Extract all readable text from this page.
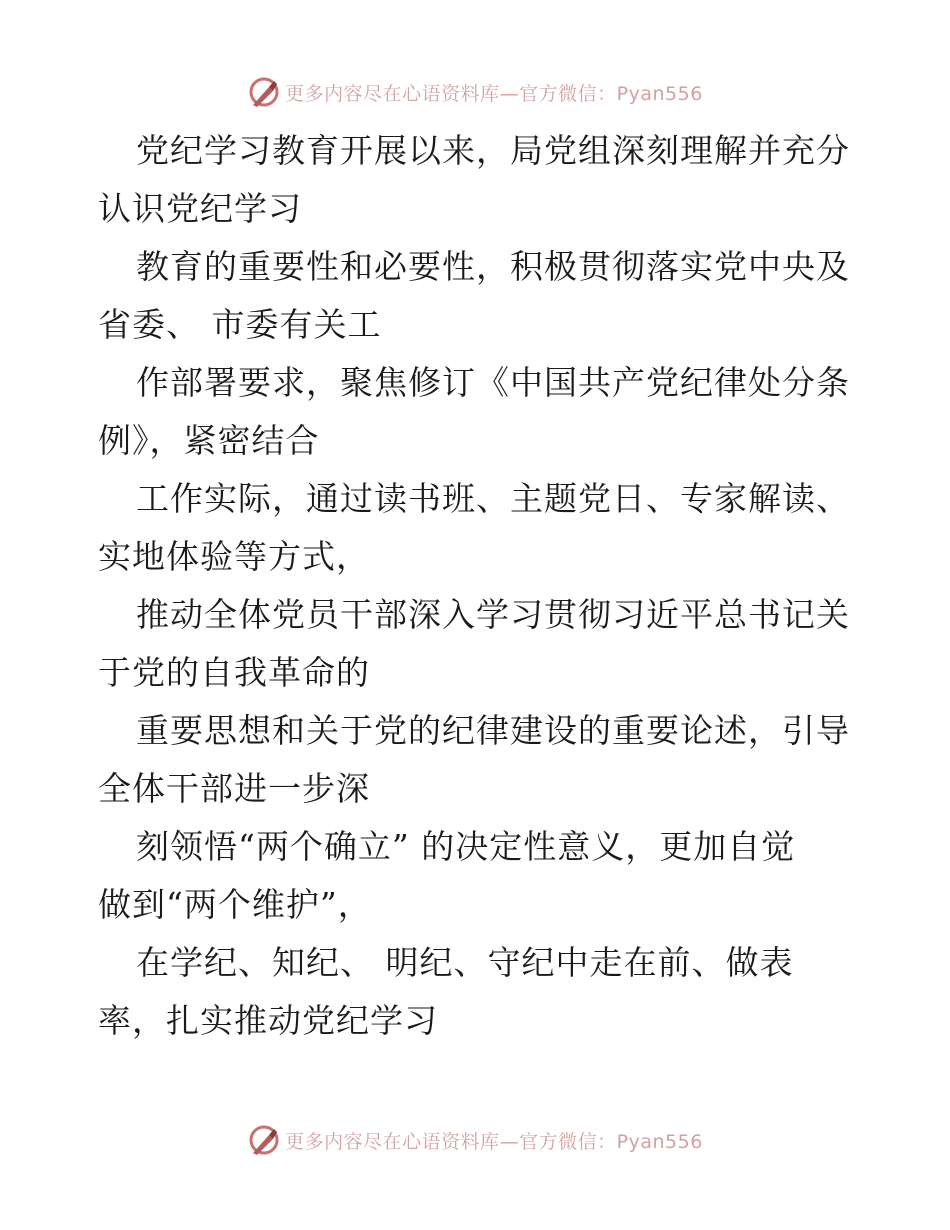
更多内容尽在心语资料库—官方微信：Pyan556
党纪学习教育开展以来，局党组深刻理解并充分
认识党纪学习
教育的重要性和必要性，积极贯彻落实党中央及
省委、 市委有关工
作部署要求，聚焦修订《中国共产党纪律处分条
例》，紧密结合
工作实际，通过读书班、主题党日、专家解读、
实地体验等方式，
推动全体党员干部深入学习贯彻习近平总书记关
于党的自我革命的
重要思想和关于党的纪律建设的重要论述，引导
全体干部进一步深
刻领悟“两个确立” 的决定性意义，更加自觉
做到“两个维护”，
在学纪、知纪、 明纪、守纪中走在前、做表
率，扎实推动党纪学习
更多内容尽在心语资料库—官方微信：Pyan556
